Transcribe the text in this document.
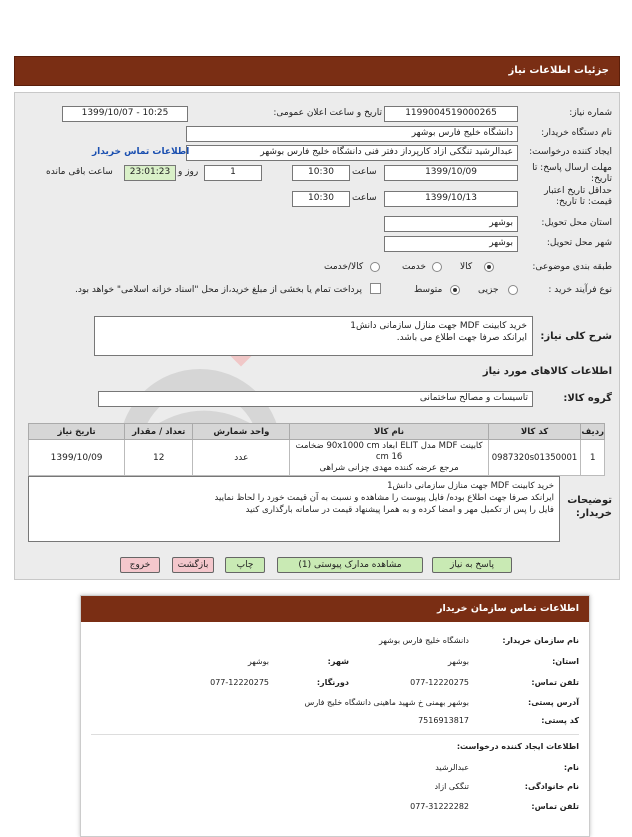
جزئیات اطلاعات نیاز
شماره نیاز:
1199004519000265
تاریخ و ساعت اعلان عمومی:
1399/10/07 - 10:25
نام دستگاه خریدار:
دانشگاه خلیج فارس بوشهر
ایجاد کننده درخواست:
عبدالرشید تنگکی ازاد کارپرداز دفتر فنی دانشگاه خلیج فارس بوشهر
اطلاعات تماس خریدار
مهلت ارسال پاسخ: تا تاریخ:
1399/10/09
ساعت
10:30
1
روز و
23:01:23
ساعت باقی مانده
حداقل تاریخ اعتبار قیمت: تا تاریخ:
1399/10/13
ساعت
10:30
استان محل تحویل:
بوشهر
شهر محل تحویل:
بوشهر
طبقه بندی موضوعی:
کالا
خدمت
کالا/خدمت
نوع فرآیند خرید :
جزیی
متوسط
پرداخت تمام یا بخشی از مبلغ خرید،از محل "اسناد خزانه اسلامی" خواهد بود.
شرح کلی نیاز:
خرید کابینت MDF جهت منازل سازمانی دانش1
ایرانکد صرفا جهت اطلاع می باشد.
اطلاعات کالاهای مورد نیاز
گروه کالا:
تاسیسات و مصالح ساختمانی
ردیف	کد کالا	نام کالا	واحد شمارش	تعداد / مقدار	تاریخ نیاز
1	0987320s01350001	کابینت MDF مدل ELIT ابعاد 90x1000 cm ضخامت 16 cm
مرجع عرضه کننده مهدی چزانی شراهی	عدد	12	1399/10/09
توضیحات خریدار:
خرید کابینت MDF جهت منازل سازمانی دانش1
ایرانکد صرفا جهت اطلاع بوده/ فایل پیوست را مشاهده و نسبت به آن قیمت خورد را لحاظ نمایید
فایل را پس از تکمیل مهر و امضا کرده و به همرا پیشنهاد قیمت در سامانه بارگذاری کنید
پاسخ به نیاز
مشاهده مدارک پیوستی (1)
چاپ
بازگشت
خروج
اطلاعات تماس سازمان خریدار
نام سازمان خریدار:
دانشگاه خلیج فارس بوشهر
استان:
بوشهر
شهر:
بوشهر
تلفن تماس:
077-12220275
دورنگار:
077-12220275
آدرس پستی:
بوشهر بهمنی خ شهید ماهینی دانشگاه خلیج فارس
کد پستی:
7516913817
اطلاعات ایجاد کننده درخواست:
نام:
عبدالرشید
نام خانوادگی:
تنگکی ازاد
تلفن تماس:
077-31222282
